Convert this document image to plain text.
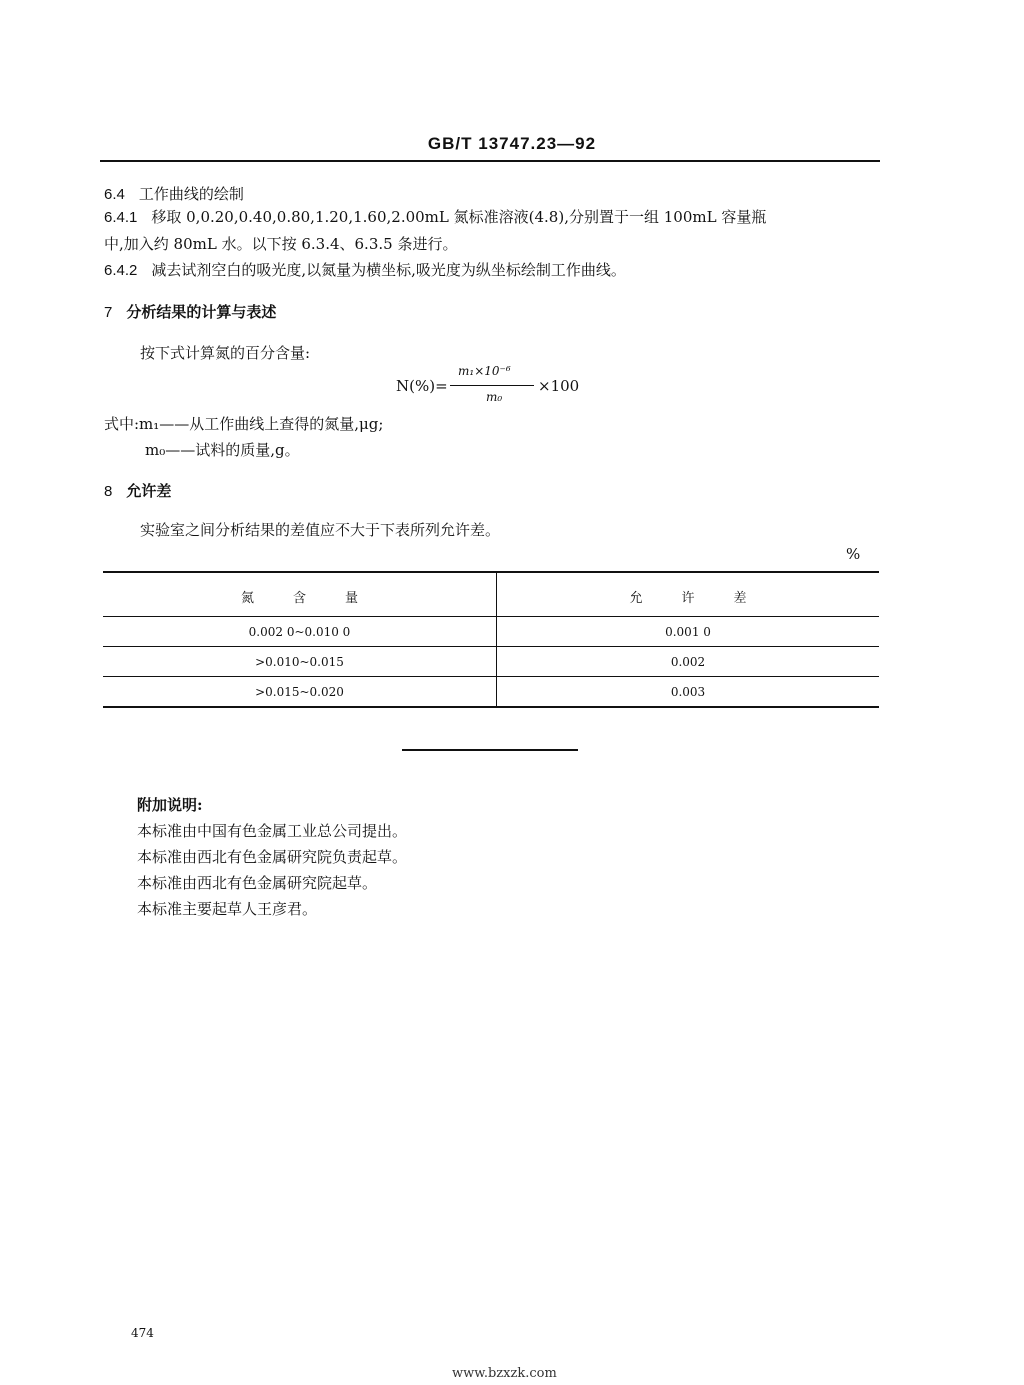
GB/T 13747.23—92
6.4 工作曲线的绘制
6.4.1 移取 0,0.20,0.40,0.80,1.20,1.60,2.00mL 氮标准溶液(4.8),分别置于一组 100mL 容量瓶
中,加入约 80mL 水。以下按 6.3.4、6.3.5 条进行。
6.4.2 减去试剂空白的吸光度,以氮量为横坐标,吸光度为纵坐标绘制工作曲线。
7 分析结果的计算与表述
按下式计算氮的百分含量:
N(%)=
m₁×10⁻⁶
m₀
×100
式中:m₁——从工作曲线上查得的氮量,μg;
m₀——试料的质量,g。
8 允许差
实验室之间分析结果的差值应不大于下表所列允许差。
%
氮　　　含　　　量	允　　　许　　　差
0.002 0~0.010 0	0.001 0
>0.010~0.015	0.002
>0.015~0.020	0.003
附加说明:
本标准由中国有色金属工业总公司提出。
本标准由西北有色金属研究院负责起草。
本标准由西北有色金属研究院起草。
本标准主要起草人王彦君。
474
www.bzxzk.com
